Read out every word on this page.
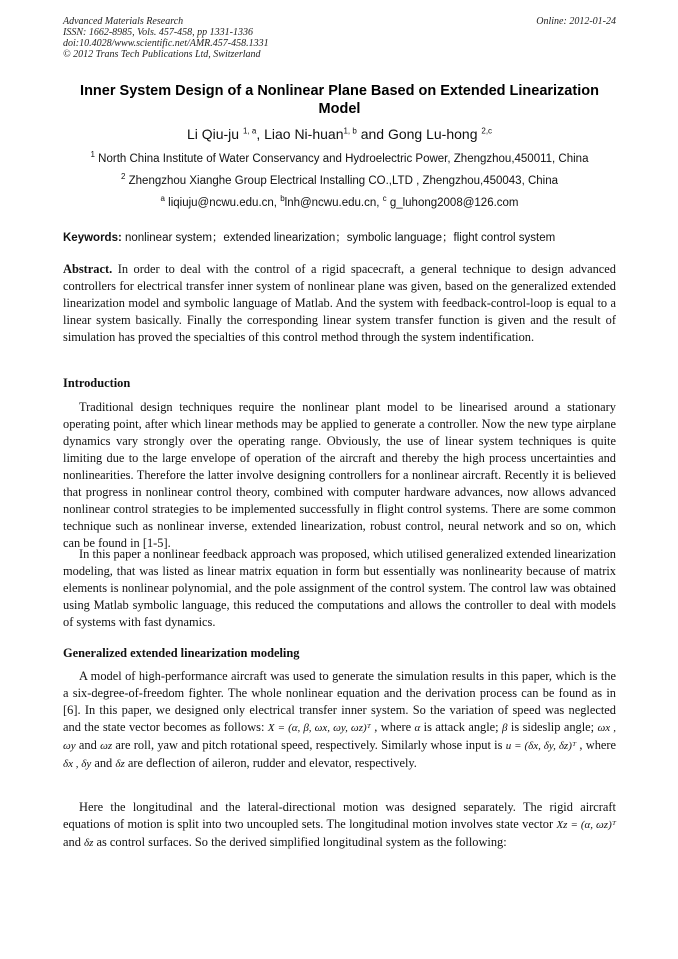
Advanced Materials Research
ISSN: 1662-8985, Vols. 457-458, pp 1331-1336
doi:10.4028/www.scientific.net/AMR.457-458.1331
© 2012 Trans Tech Publications Ltd, Switzerland
Online: 2012-01-24
Inner System Design of a Nonlinear Plane Based on Extended Linearization Model
Li Qiu-ju $^{1, a}$, Liao Ni-huan$^{1, b}$ and Gong Lu-hong $^{2,c}$
$^1$ North China Institute of Water Conservancy and Hydroelectric Power, Zhengzhou,450011, China
$^2$ Zhengzhou Xianghe Group Electrical Installing CO.,LTD , Zhengzhou,450043, China
$^a$ liqiuju@ncwu.edu.cn, $^b$lnh@ncwu.edu.cn, $^c$ g_luhong2008@126.com
Keywords: nonlinear system；extended linearization；symbolic language；flight control system
Abstract. In order to deal with the control of a rigid spacecraft, a general technique to design advanced controllers for electrical transfer inner system of nonlinear plane was given, based on the generalized extended linearization model and symbolic language of Matlab. And the system with feedback-control-loop is equal to a linear system basically. Finally the corresponding linear system transfer function is given and the result of simulation has proved the specialties of this control method through the system indentification.
Introduction
Traditional design techniques require the nonlinear plant model to be linearised around a stationary operating point, after which linear methods may be applied to generate a controller. Now the new type airplane dynamics vary strongly over the operating range. Obviously, the use of linear system techniques is quite limiting due to the large envelope of operation of the aircraft and thereby the high process uncertainties and nonlinearities. Therefore the latter involve designing controllers for a nonlinear aircraft. Recently it is believed that progress in nonlinear control theory, combined with computer hardware advances, now allows advanced nonlinear control strategies to be implemented successfully in flight control systems. There are some common technique such as nonlinear inverse, extended linearization, robust control, neural network and so on, which can be found in [1-5].
In this paper a nonlinear feedback approach was proposed, which utilised generalized extended linearization modeling, that was listed as linear matrix equation in form but essentially was nonlinearity because of matrix elements is nonlinear polynomial, and the pole assignment of the control system. The control law was obtained using Matlab symbolic language, this reduced the computations and allows the controller to deal with models of systems with fast dynamics.
Generalized extended linearization modeling
A model of high-performance aircraft was used to generate the simulation results in this paper, which is the a six-degree-of-freedom fighter. The whole nonlinear equation and the derivation process can be found as in [6]. In this paper, we designed only electrical transfer inner system. So the variation of speed was neglected and the state vector becomes as follows: X = (α, β, ωx, ωy, ωz)ᵀ , where α is attack angle; β is sideslip angle; ωx , ωy and ωz are roll, yaw and pitch rotational speed, respectively. Similarly whose input is u = (δx, δy, δz)ᵀ , where δx , δy and δz are deflection of aileron, rudder and elevator, respectively.
Here the longitudinal and the lateral-directional motion was designed separately. The rigid aircraft equations of motion is split into two uncoupled sets. The longitudinal motion involves state vector Xz = (α, ωz)ᵀ and δz as control surfaces. So the derived simplified longitudinal system as the following:
